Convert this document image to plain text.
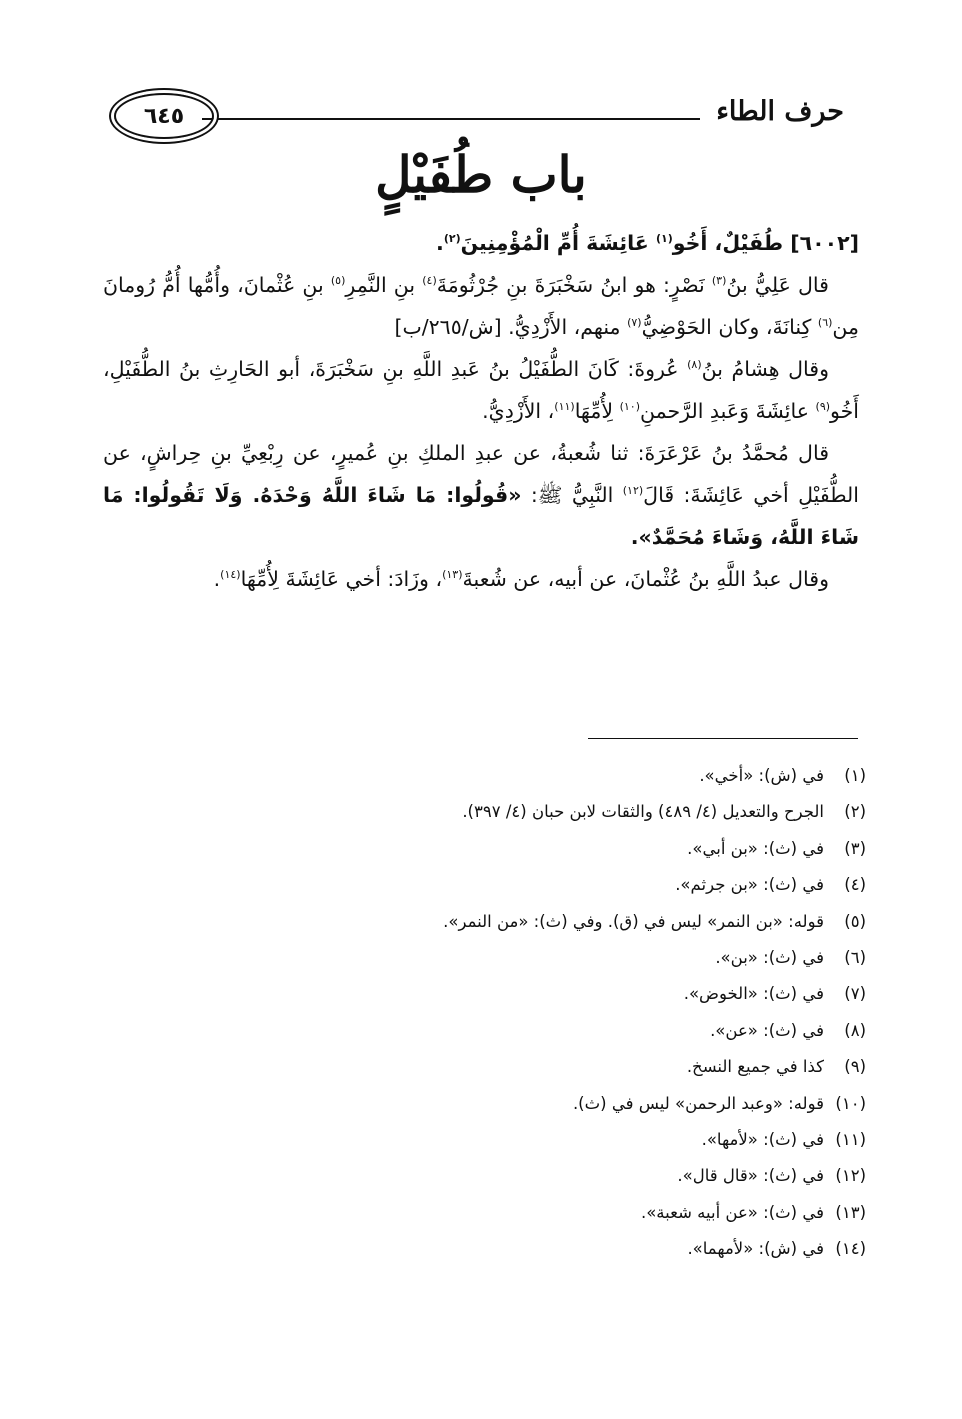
حرف الطاء
٦٤٥
باب طُفَيْلٍ

[٦٠٠٢] طُفَيْلٌ، أَخُو$^{(١)}$ عَائِشَةَ أُمِّ الْمُؤْمِنِينَ$^{(٢)}$.

قال عَلِيُّ بنُ$^{(٣)}$ نَصْرٍ: هو ابنُ سَخْبَرَةَ بنِ جُرْثُومَةَ$^{(٤)}$ بنِ النَّمِرِ$^{(٥)}$ بنِ عُثْمانَ، وأُمُّها أُمُّ رُومانَ مِن$^{(٦)}$ كِنانَةَ، وكان الحَوْضِيُّ$^{(٧)}$ منهم، الأَزْدِيُّ. [ش/٢٦٥/ب]

وقال هِشامُ بنُ$^{(٨)}$ عُروةَ: كَانَ الطُّفَيْلُ بنُ عَبدِ اللَّهِ بنِ سَخْبَرَةَ، أبو الحَارِثِ بنُ الطُّفَيْلِ، أَخُو$^{(٩)}$ عائِشَةَ وَعَبدِ الرَّحمنِ$^{(١٠)}$ لِأُمِّهَا$^{(١١)}$، الأَزْدِيُّ.

قال مُحمَّدُ بنُ عَرْعَرَةَ: ثنا شُعبةُ، عن عبدِ الملكِ بنِ عُميرٍ، عن رِبْعِيِّ بنِ حِراشٍ، عن الطُّفَيْلِ أخي عَائِشَةَ: قَالَ$^{(١٢)}$ النَّبِيُّ ﷺ: «قُولُوا: مَا شَاءَ اللَّهُ وَحْدَهُ. وَلَا تَقُولُوا: مَا شَاءَ اللَّهُ، وَشَاءَ مُحَمَّدٌ».

وقال عبدُ اللَّهِ بنُ عُثْمانَ، عن أبيه، عن شُعبةَ$^{(١٣)}$، وزَادَ: أخي عَائِشَةَ لِأُمِّهَا$^{(١٤)}$.

(١)في (ش): «أخي».
(٢)الجرح والتعديل (٤/ ٤٨٩) والثقات لابن حبان (٤/ ٣٩٧).
(٣)في (ث): «بن أبي».
(٤)في (ث): «بن جرثم».
(٥)قوله: «بن النمر» ليس في (ق). وفي (ث): «من النمر».
(٦)في (ث): «بن».
(٧)في (ث): «الخوض».
(٨)في (ث): «عن».
(٩)كذا في جميع النسخ.
(١٠)قوله: «وعبد الرحمن» ليس في (ث).
(١١)في (ث): «لأمها».
(١٢)في (ث): «قال قال».
(١٣)في (ث): «عن أبيه شعبة».
(١٤)في (ش): «لأمهما».
